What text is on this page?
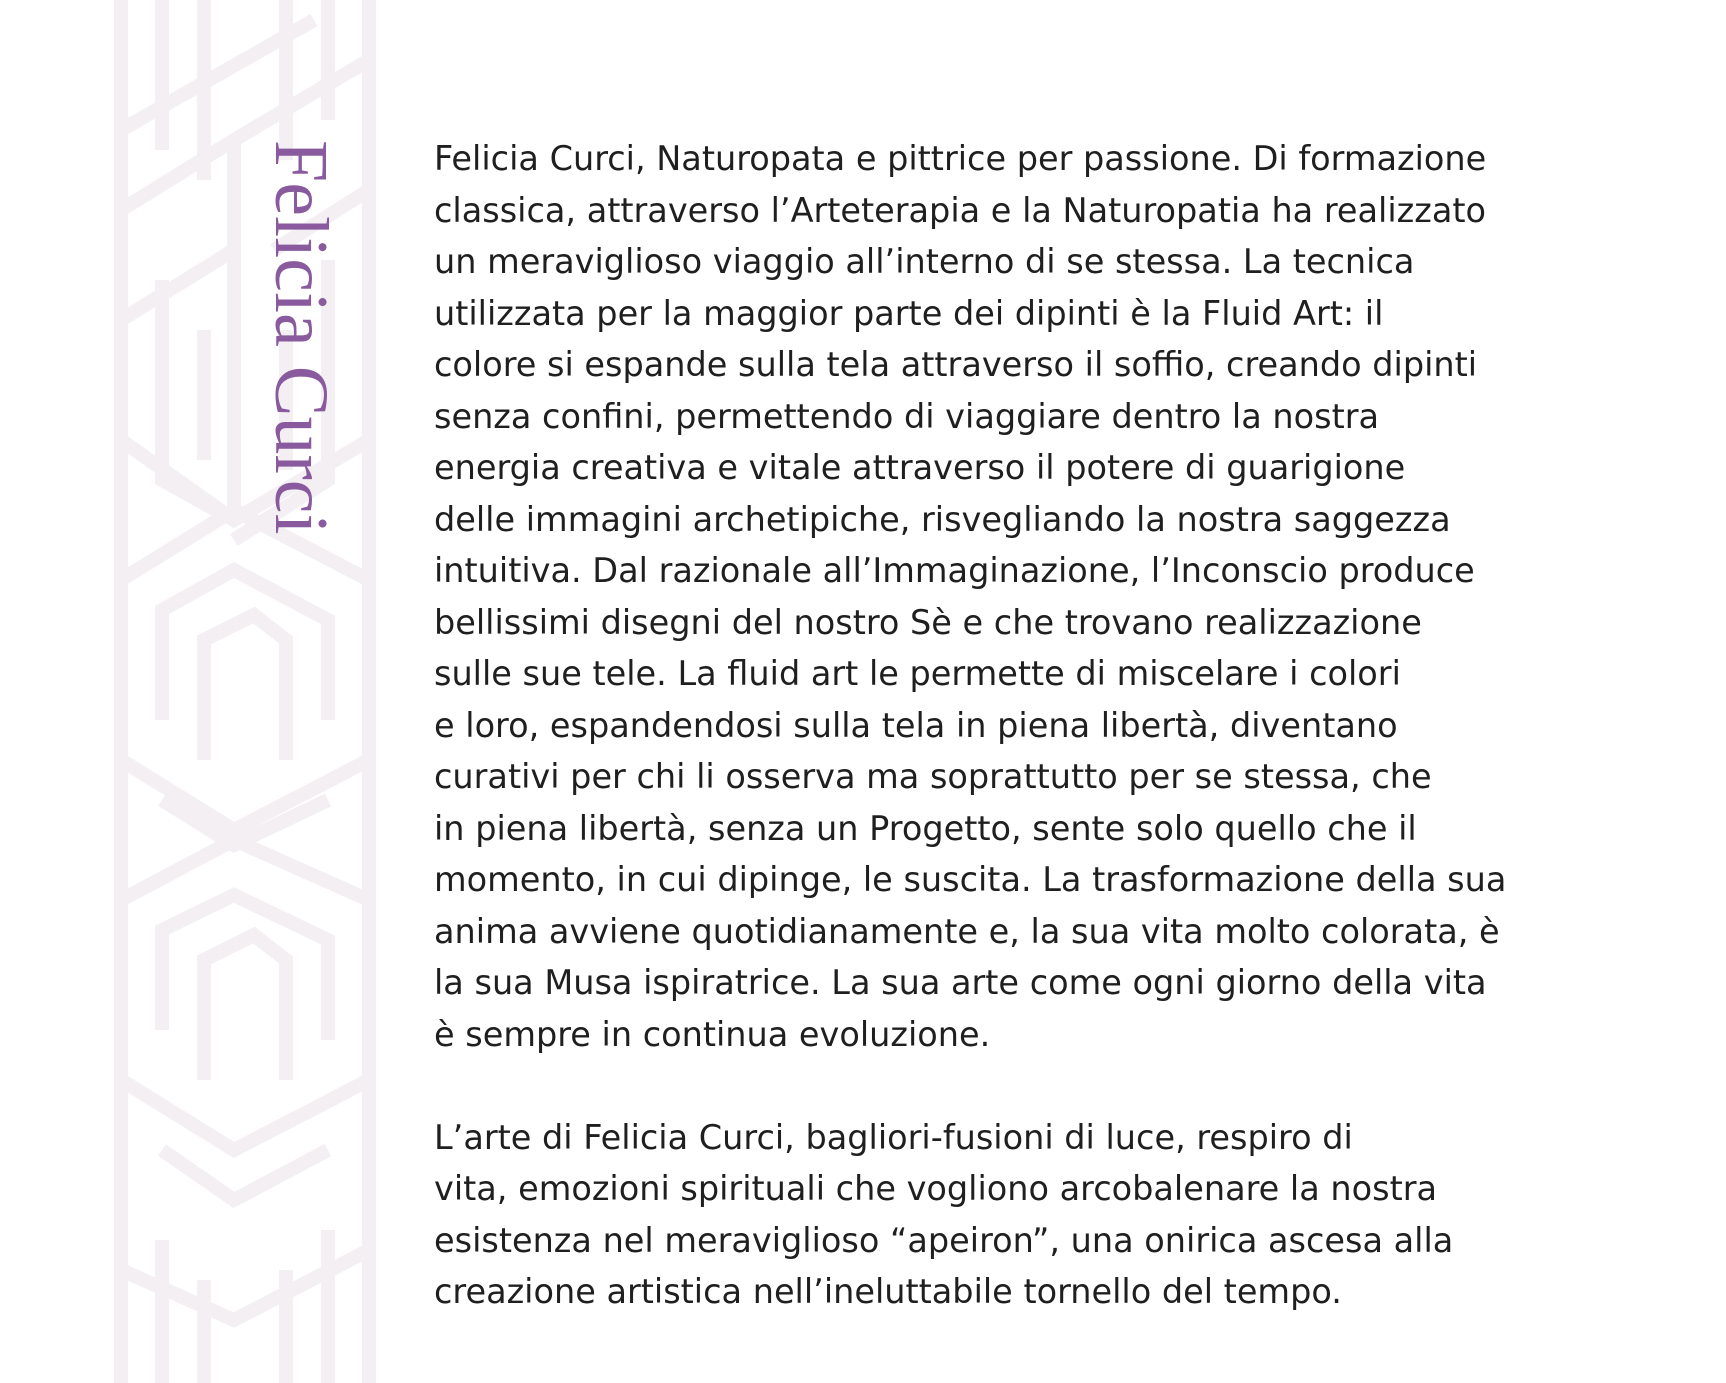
Felicia Curci	Felicia Curci, Naturopata e pittrice per passione. Di formazione
classica, attraverso l’Arteterapia e la Naturopatia ha realizzato
un meraviglioso viaggio all’interno di se stessa. La tecnica
utilizzata per la maggior parte dei dipinti è la Fluid Art: il
colore si espande sulla tela attraverso il soffio, creando dipinti
senza confini, permettendo di viaggiare dentro la nostra
energia creativa e vitale attraverso il potere di guarigione
delle immagini archetipiche, risvegliando la nostra saggezza
intuitiva. Dal razionale all’Immaginazione, l’Inconscio produce
bellissimi disegni del nostro Sè e che trovano realizzazione
sulle sue tele. La fluid art le permette di miscelare i colori
e loro, espandendosi sulla tela in piena libertà, diventano
curativi per chi li osserva ma soprattutto per se stessa, che
in piena libertà, senza un Progetto, sente solo quello che il
momento, in cui dipinge, le suscita. La trasformazione della sua
anima avviene quotidianamente e, la sua vita molto colorata, è
la sua Musa ispiratrice. La sua arte come ogni giorno della vita
è sempre in continua evoluzione.

L’arte di Felicia Curci, bagliori-fusioni di luce, respiro di
vita, emozioni spirituali che vogliono arcobalenare la nostra
esistenza nel meraviglioso “apeiron”, una onirica ascesa alla
creazione artistica nell’ineluttabile tornello del tempo.
